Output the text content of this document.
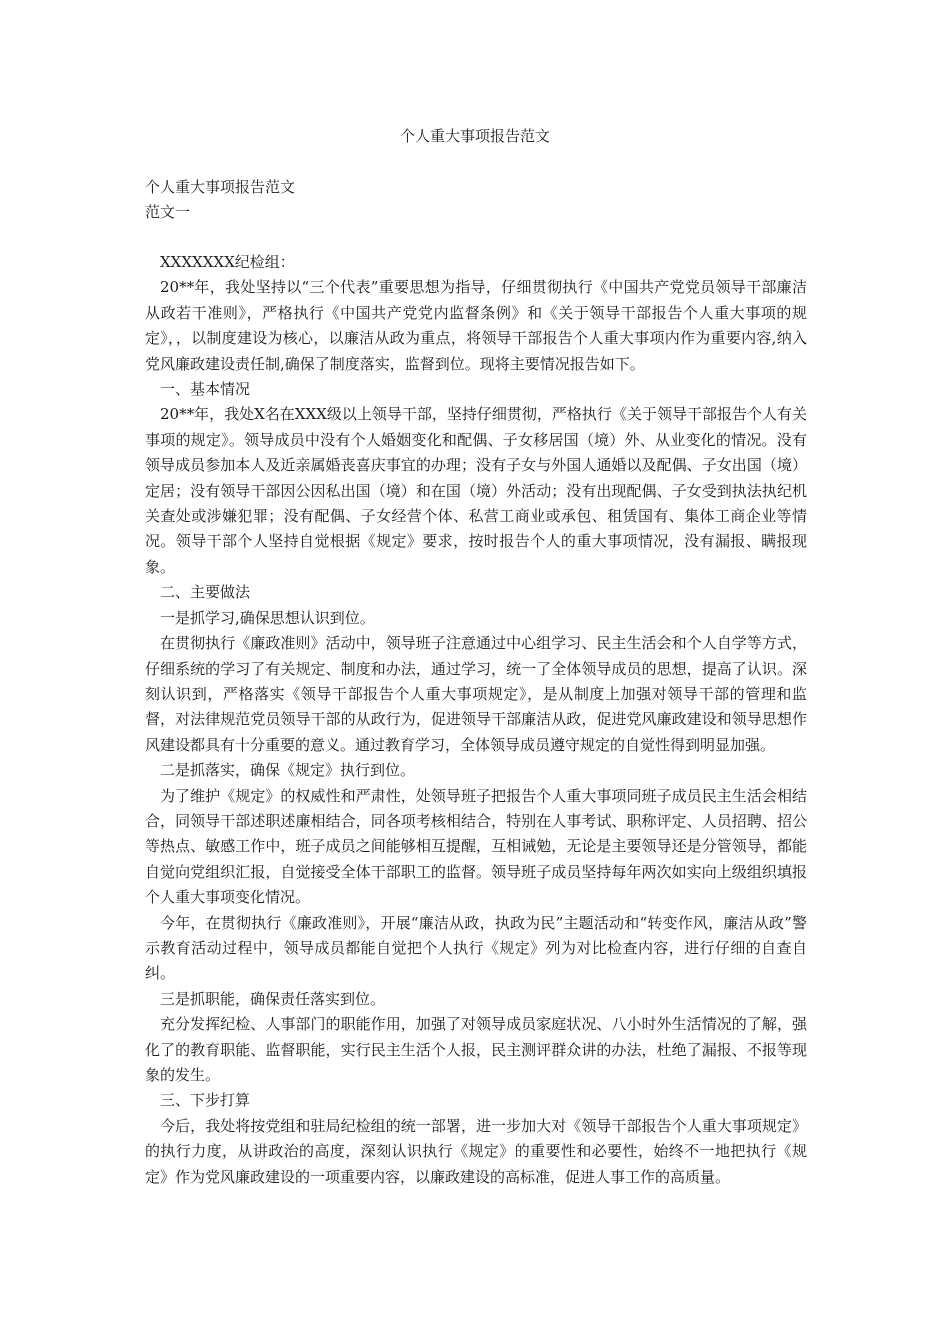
个人重大事项报告范文
个人重大事项报告范文
范文一

XXXXXXX纪检组：

20**年，我处坚持以“三个代表”重要思想为指导，仔细贯彻执行《中国共产党党员领导干部廉洁从政若干准则》，严格执行《中国共产党党内监督条例》和《关于领导干部报告个人重大事项的规定》，，以制度建设为核心，以廉洁从政为重点，将领导干部报告个人重大事项内作为重要内容,纳入党风廉政建设责任制,确保了制度落实，监督到位。现将主要情况报告如下。

一、基本情况

20**年，我处X名在XXX级以上领导干部，坚持仔细贯彻，严格执行《关于领导干部报告个人有关事项的规定》。领导成员中没有个人婚姻变化和配偶、子女移居国（境）外、从业变化的情况。没有领导成员参加本人及近亲属婚丧喜庆事宜的办理；没有子女与外国人通婚以及配偶、子女出国（境）定居；没有领导干部因公因私出国（境）和在国（境）外活动；没有出现配偶、子女受到执法执纪机关查处或涉嫌犯罪；没有配偶、子女经营个体、私营工商业或承包、租赁国有、集体工商企业等情况。领导干部个人坚持自觉根据《规定》要求，按时报告个人的重大事项情况，没有漏报、瞒报现象。

二、主要做法

一是抓学习,确保思想认识到位。

在贯彻执行《廉政准则》活动中，领导班子注意通过中心组学习、民主生活会和个人自学等方式，仔细系统的学习了有关规定、制度和办法，通过学习，统一了全体领导成员的思想，提高了认识。深刻认识到，严格落实《领导干部报告个人重大事项规定》，是从制度上加强对领导干部的管理和监督，对法律规范党员领导干部的从政行为，促进领导干部廉洁从政，促进党风廉政建设和领导思想作风建设都具有十分重要的意义。通过教育学习，全体领导成员遵守规定的自觉性得到明显加强。

二是抓落实，确保《规定》执行到位。

为了维护《规定》的权威性和严肃性，处领导班子把报告个人重大事项同班子成员民主生活会相结合，同领导干部述职述廉相结合，同各项考核相结合，特别在人事考试、职称评定、人员招聘、招公等热点、敏感工作中，班子成员之间能够相互提醒，互相诫勉，无论是主要领导还是分管领导，都能自觉向党组织汇报，自觉接受全体干部职工的监督。领导班子成员坚持每年两次如实向上级组织填报个人重大事项变化情况。

今年，在贯彻执行《廉政准则》，开展“廉洁从政，执政为民”主题活动和“转变作风，廉洁从政”警示教育活动过程中，领导成员都能自觉把个人执行《规定》列为对比检查内容，进行仔细的自查自纠。

三是抓职能，确保责任落实到位。

充分发挥纪检、人事部门的职能作用，加强了对领导成员家庭状况、八小时外生活情况的了解，强化了的教育职能、监督职能，实行民主生活个人报，民主测评群众讲的办法，杜绝了漏报、不报等现象的发生。

三、下步打算

今后，我处将按党组和驻局纪检组的统一部署，进一步加大对《领导干部报告个人重大事项规定》的执行力度，从讲政治的高度，深刻认识执行《规定》的重要性和必要性，始终不一地把执行《规定》作为党风廉政建设的一项重要内容，以廉政建设的高标准，促进人事工作的高质量。
